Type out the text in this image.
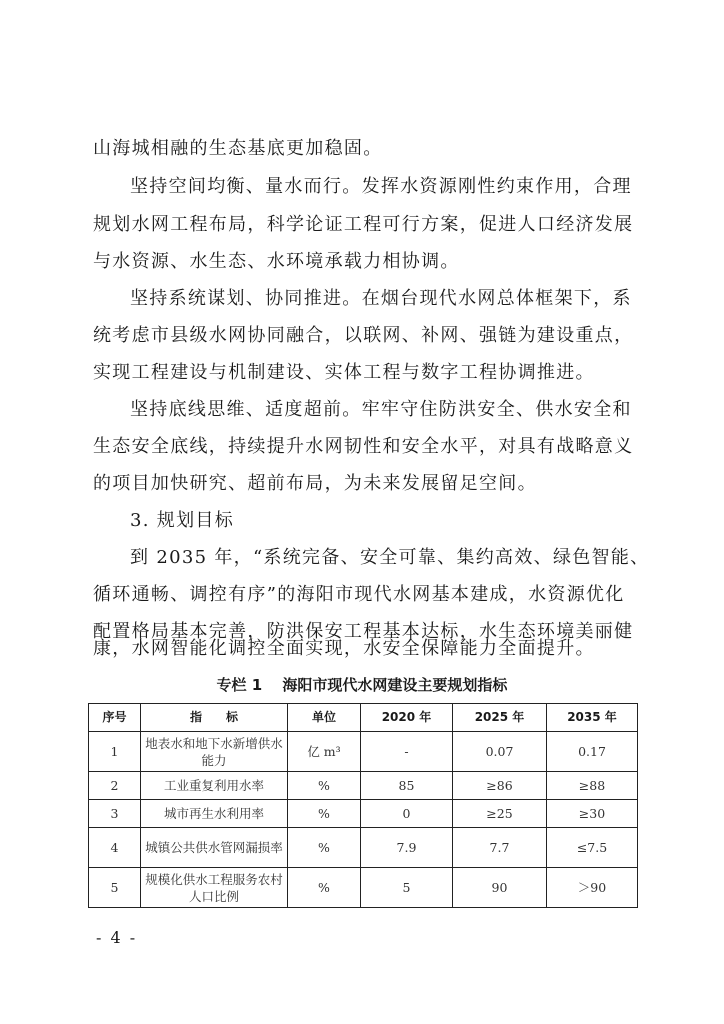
山海城相融的生态基底更加稳固。
坚持空间均衡、量水而行。发挥水资源刚性约束作用，合理
规划水网工程布局，科学论证工程可行方案，促进人口经济发展
与水资源、水生态、水环境承载力相协调。
坚持系统谋划、协同推进。在烟台现代水网总体框架下，系
统考虑市县级水网协同融合，以联网、补网、强链为建设重点，
实现工程建设与机制建设、实体工程与数字工程协调推进。
坚持底线思维、适度超前。牢牢守住防洪安全、供水安全和
生态安全底线，持续提升水网韧性和安全水平，对具有战略意义
的项目加快研究、超前布局，为未来发展留足空间。
3. 规划目标
到 2035 年，“系统完备、安全可靠、集约高效、绿色智能、
循环通畅、调控有序”的海阳市现代水网基本建成，水资源优化
配置格局基本完善，防洪保安工程基本达标，水生态环境美丽健
康，水网智能化调控全面实现，水安全保障能力全面提升。
专栏 1　 海阳市现代水网建设主要规划指标
序号	指　　标	单位	2020 年	2025 年	2035 年
1	地表水和地下水新增供水能力	亿 m³	-	0.07	0.17
2	工业重复利用水率	%	85	≥86	≥88
3	城市再生水利用率	%	0	≥25	≥30
4	城镇公共供水管网漏损率	%	7.9	7.7	≤7.5
5	规模化供水工程服务农村人口比例	%	5	90	＞90
- 4 -
